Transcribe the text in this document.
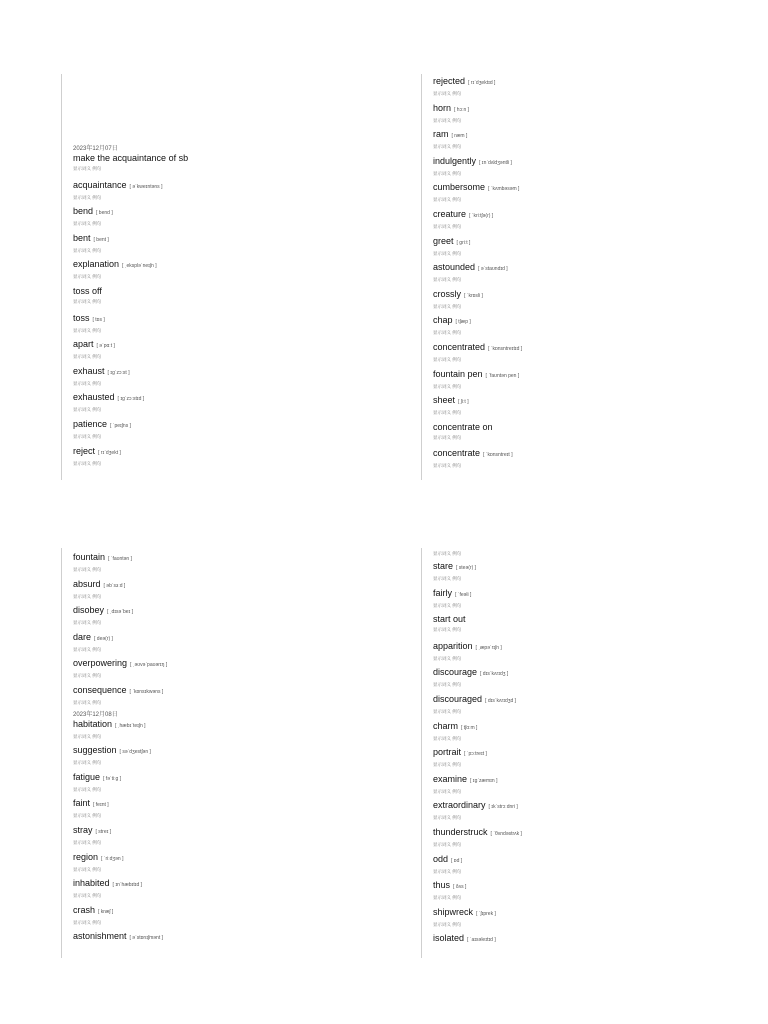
2023年12月07日
make the acquaintance of sb
显示词义 例句
acquaintance [ əˈkweɪntəns ]
显示词义 例句
bend [ bend ]
显示词义 例句
bent [ bent ]
显示词义 例句
explanation [ ˌekspləˈneɪʃn ]
显示词义 例句
toss off
显示词义 例句
toss [ tɒs ]
显示词义 例句
apart [ əˈpɑːt ]
显示词义 例句
exhaust [ ɪɡˈzɔːst ]
显示词义 例句
exhausted [ ɪɡˈzɔːstɪd ]
显示词义 例句
patience [ ˈpeɪʃns ]
显示词义 例句
reject [ rɪˈdʒekt ]
显示词义 例句
rejected [ rɪˈdʒektɪd ]
显示词义 例句
horn [ hɔːn ]
显示词义 例句
ram [ ræm ]
显示词义 例句
indulgently [ ɪnˈdʌldʒəntli ]
显示词义 例句
cumbersome [ ˈkʌmbəsəm ]
显示词义 例句
creature [ ˈkriːtʃə(r) ]
显示词义 例句
greet [ ɡriːt ]
显示词义 例句
astounded [ əˈstaʊndɪd ]
显示词义 例句
crossly [ ˈkrɒsli ]
显示词义 例句
chap [ tʃæp ]
显示词义 例句
concentrated [ ˈkɒnsntreɪtɪd ]
显示词义 例句
fountain pen [ ˈfaʊntən pen ]
显示词义 例句
sheet [ ʃiːt ]
显示词义 例句
concentrate on
显示词义 例句
concentrate [ ˈkɒnsntreɪt ]
显示词义 例句
fountain [ ˈfaʊntən ]
显示词义 例句
absurd [ əbˈsɜːd ]
显示词义 例句
disobey [ ˌdɪsəˈbeɪ ]
显示词义 例句
dare [ deə(r) ]
显示词义 例句
overpowering [ ˌəʊvəˈpaʊərɪŋ ]
显示词义 例句
consequence [ ˈkɒnsɪkwəns ]
显示词义 例句
2023年12月08日
habitation [ ˌhæbɪˈteɪʃn ]
显示词义 例句
suggestion [ səˈdʒestʃən ]
显示词义 例句
fatigue [ fəˈtiːɡ ]
显示词义 例句
faint [ feɪnt ]
显示词义 例句
stray [ streɪ ]
显示词义 例句
region [ ˈriːdʒən ]
显示词义 例句
inhabited [ ɪnˈhæbɪtɪd ]
显示词义 例句
crash [ kræʃ ]
显示词义 例句
astonishment [ əˈstɒnɪʃmənt ]
显示词义 例句
stare [ steə(r) ]
显示词义 例句
fairly [ ˈfeəli ]
显示词义 例句
start out
显示词义 例句
apparition [ ˌæpəˈrɪʃn ]
显示词义 例句
discourage [ dɪsˈkʌrɪdʒ ]
显示词义 例句
discouraged [ dɪsˈkʌrɪdʒd ]
显示词义 例句
charm [ tʃɑːm ]
显示词义 例句
portrait [ ˈpɔːtreɪt ]
显示词义 例句
examine [ ɪɡˈzæmɪn ]
显示词义 例句
extraordinary [ ɪkˈstrɔːdnri ]
显示词义 例句
thunderstruck [ ˈθʌndəstrʌk ]
显示词义 例句
odd [ ɒd ]
显示词义 例句
thus [ ðʌs ]
显示词义 例句
shipwreck [ ˈʃɪprek ]
显示词义 例句
isolated [ ˈaɪsəleɪtɪd ]
